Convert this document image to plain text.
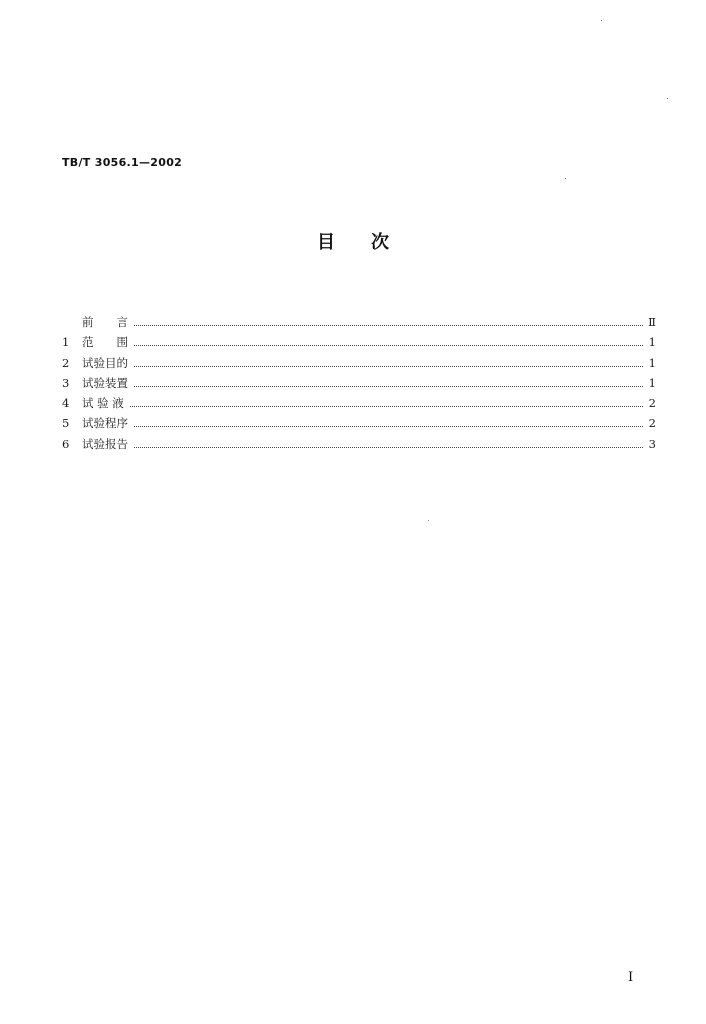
TB/T 3056.1—2002
目 次
前　　言	Ⅱ
1	范　　围	1
2	试验目的	1
3	试验装置	1
4	试 验 液	2
5	试验程序	2
6	试验报告	3
Ⅰ
